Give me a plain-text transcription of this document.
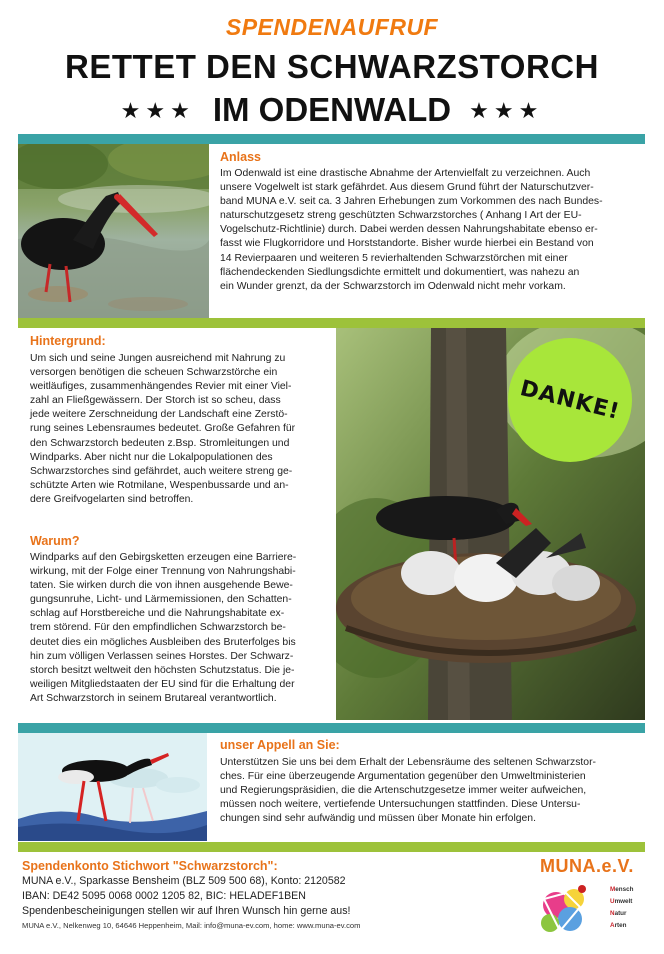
SPENDENAUFRUF
RETTET DEN SCHWARZSTORCH
★★★ IM ODENWALD ★★★
Anlass
Im Odenwald ist eine drastische Abnahme der Artenvielfalt zu verzeichnen. Auch
unsere Vogelwelt ist stark gefährdet. Aus diesem Grund führt der Naturschutzver-
band MUNA e.V. seit ca. 3 Jahren Erhebungen zum Vorkommen des nach Bundes-
naturschutzgesetz streng geschützten Schwarzstorches ( Anhang I Art der EU-
Vogelschutz-Richtlinie) durch. Dabei werden dessen Nahrungshabitate ebenso er-
fasst wie Flugkorridore und Horststandorte. Bisher wurde hierbei ein Bestand von
14 Revierpaaren und weiteren 5 revierhaltenden Schwarzstörchen mit einer
flächendeckenden Siedlungsdichte ermittelt und dokumentiert, was nahezu an
ein Wunder grenzt, da der Schwarzstorch im Odenwald nicht mehr vorkam.
Hintergrund:
Um sich und seine Jungen ausreichend mit Nahrung zu
versorgen benötigen die scheuen Schwarzstörche ein
weitläufiges, zusammenhängendes Revier mit einer Viel-
zahl an Fließgewässern. Der Storch ist so scheu, dass
jede weitere Zerschneidung der Landschaft eine Zerstö-
rung seines Lebensraumes bedeutet. Große Gefahren für
den Schwarzstorch bedeuten z.Bsp. Stromleitungen und
Windparks. Aber nicht nur die Lokalpopulationen des
Schwarzstorches sind gefährdet, auch weitere streng ge-
schützte Arten wie Rotmilane, Wespenbussarde und an-
dere Greifvogelarten sind betroffen.
Warum?
Windparks auf den Gebirgsketten erzeugen eine Barriere-
wirkung, mit der Folge einer Trennung von Nahrungshabi-
taten. Sie wirken durch die von ihnen ausgehende Bewe-
gungsunruhe, Licht- und Lärmemissionen, den Schatten-
schlag auf Horstbereiche und die Nahrungshabitate ex-
trem störend. Für den empfindlichen Schwarzstorch be-
deutet dies ein mögliches Ausbleiben des Bruterfolges bis
hin zum völligen Verlassen seines Horstes. Der Schwarz-
storch besitzt weltweit den höchsten Schutzstatus. Die je-
weiligen Mitgliedstaaten der EU sind für die Erhaltung der
Art Schwarzstorch in seinem Brutareal verantwortlich.
DANKE!
unser Appell an Sie:
Unterstützen Sie uns bei dem Erhalt der Lebensräume des seltenen Schwarzstor-
ches. Für eine überzeugende Argumentation gegenüber den Umweltministerien
und Regierungspräsidien, die die Artenschutzgesetze immer weiter aufweichen,
müssen noch weitere, vertiefende Untersuchungen stattfinden. Diese Untersu-
chungen sind sehr aufwändig und müssen über Monate hin erfolgen.
Spendenkonto Stichwort "Schwarzstorch":
MUNA e.V., Sparkasse Bensheim (BLZ 509 500 68), Konto: 2120582
IBAN: DE42 5095 0068 0002 1205 82, BIC: HELADEF1BEN
Spendenbescheinigungen stellen wir auf Ihren Wunsch hin gerne aus!
MUNA e.V., Nelkenweg 10, 64646 Heppenheim, Mail: info@muna-ev.com, home: www.muna-ev.com
MUNA.e.V.
Mensch
Umwelt
Natur
Arten
